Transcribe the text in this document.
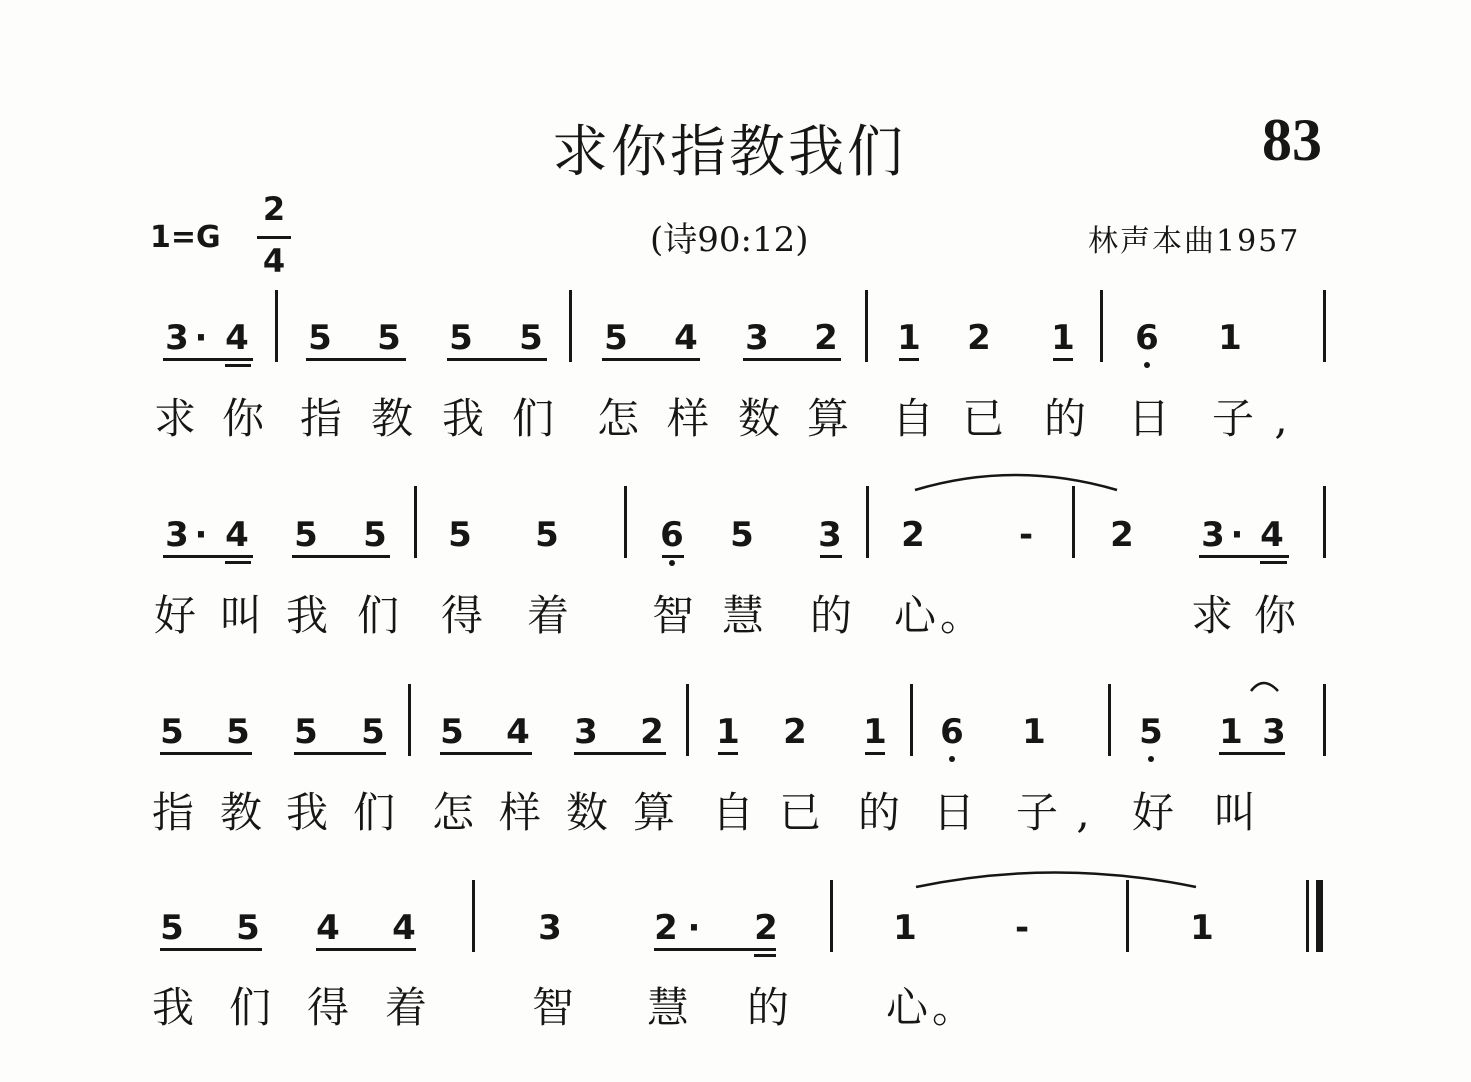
求你指教我们	83
1=G
2
4
(诗90:12)	林声本曲1957
3 · 4 5 5 5 5 5 4 3 2 1 2 1 6 1
求 你 指 教 我 们 怎 样 数 算 自 已 的 日 子 ,
3 · 4 5 5 5 5	6 5 3 2	-	2 3 · 4
好 叫 我 们 得 着 智 慧 的 心 。	求 你
5 5 5 5 5 4 3 2 1 2 1 6 1	5 1 3
指 教 我 们 怎 样 数 算 自 已 的 日 子 ,	好 叫
5 5 4 4	3	2 ·	2	1	-	1
我 们 得 着 智 慧 的 心 。
